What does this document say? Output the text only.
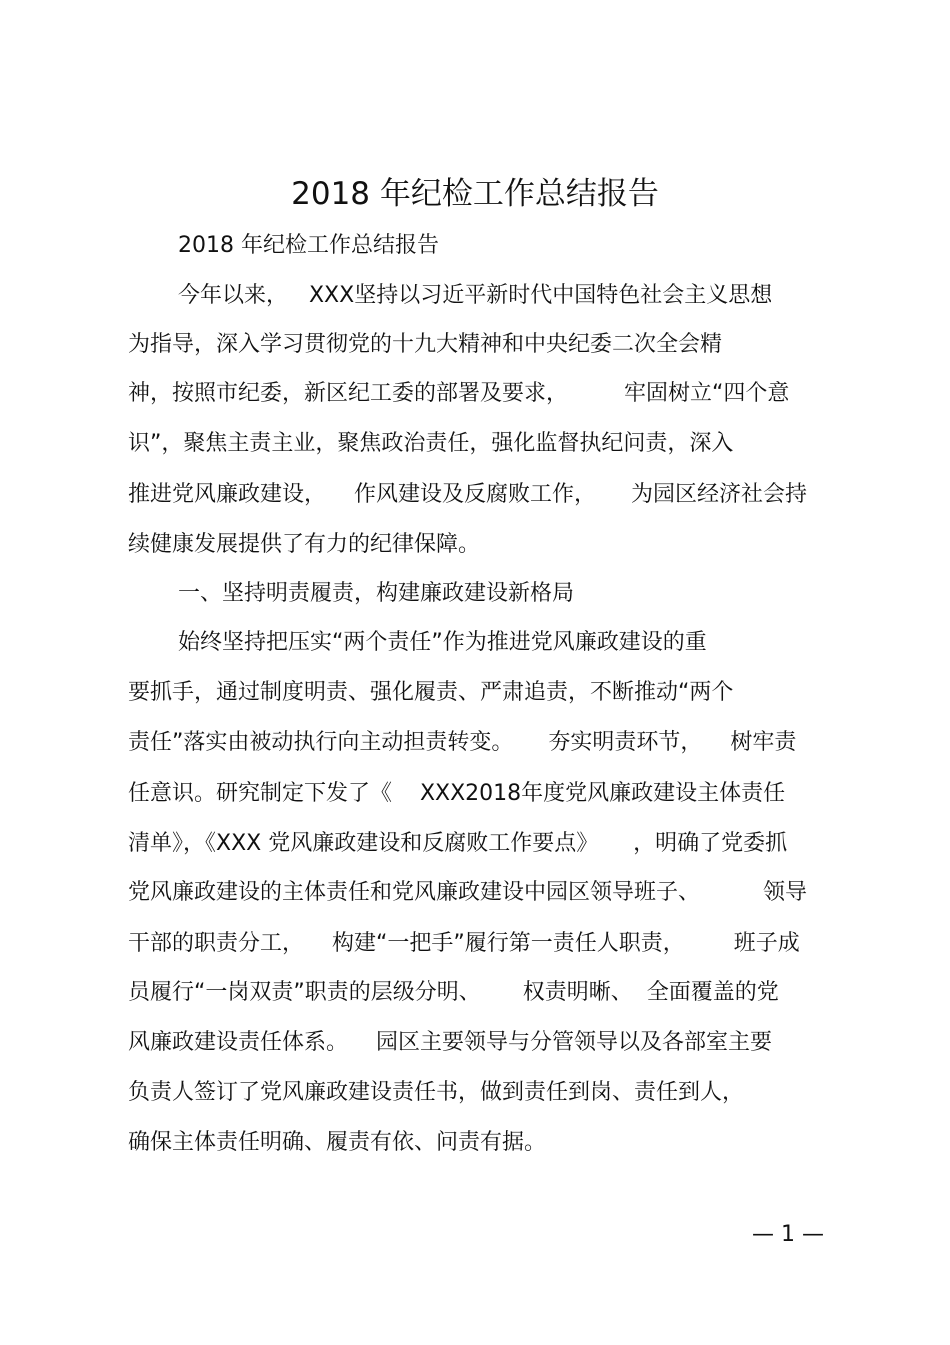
2018 年纪检工作总结报告
2018 年纪检工作总结报告
今年以来，   XXX坚持以习近平新时代中国特色社会主义思想
为指导，深入学习贯彻党的十九大精神和中央纪委二次全会精
神，按照市纪委，新区纪工委的部署及要求，        牢固树立“四个意
识”，聚焦主责主业，聚焦政治责任，强化监督执纪问责，深入
推进党风廉政建设，    作风建设及反腐败工作，     为园区经济社会持
续健康发展提供了有力的纪律保障。
一、坚持明责履责，构建廉政建设新格局
始终坚持把压实“两个责任”作为推进党风廉政建设的重
要抓手，通过制度明责、强化履责、严肃追责，不断推动“两个
责任”落实由被动执行向主动担责转变。     夯实明责环节，    树牢责
任意识。研究制定下发了《    XXX2018年度党风廉政建设主体责任
清单》，《XXX 党风廉政建设和反腐败工作要点》     ，明确了党委抓
党风廉政建设的主体责任和党风廉政建设中园区领导班子、         领导
干部的职责分工，    构建“一把手”履行第一责任人职责，       班子成
员履行“一岗双责”职责的层级分明、      权责明晰、  全面覆盖的党
风廉政建设责任体系。    园区主要领导与分管领导以及各部室主要
负责人签订了党风廉政建设责任书，做到责任到岗、责任到人，
确保主体责任明确、履责有依、问责有据。
— 1 —
